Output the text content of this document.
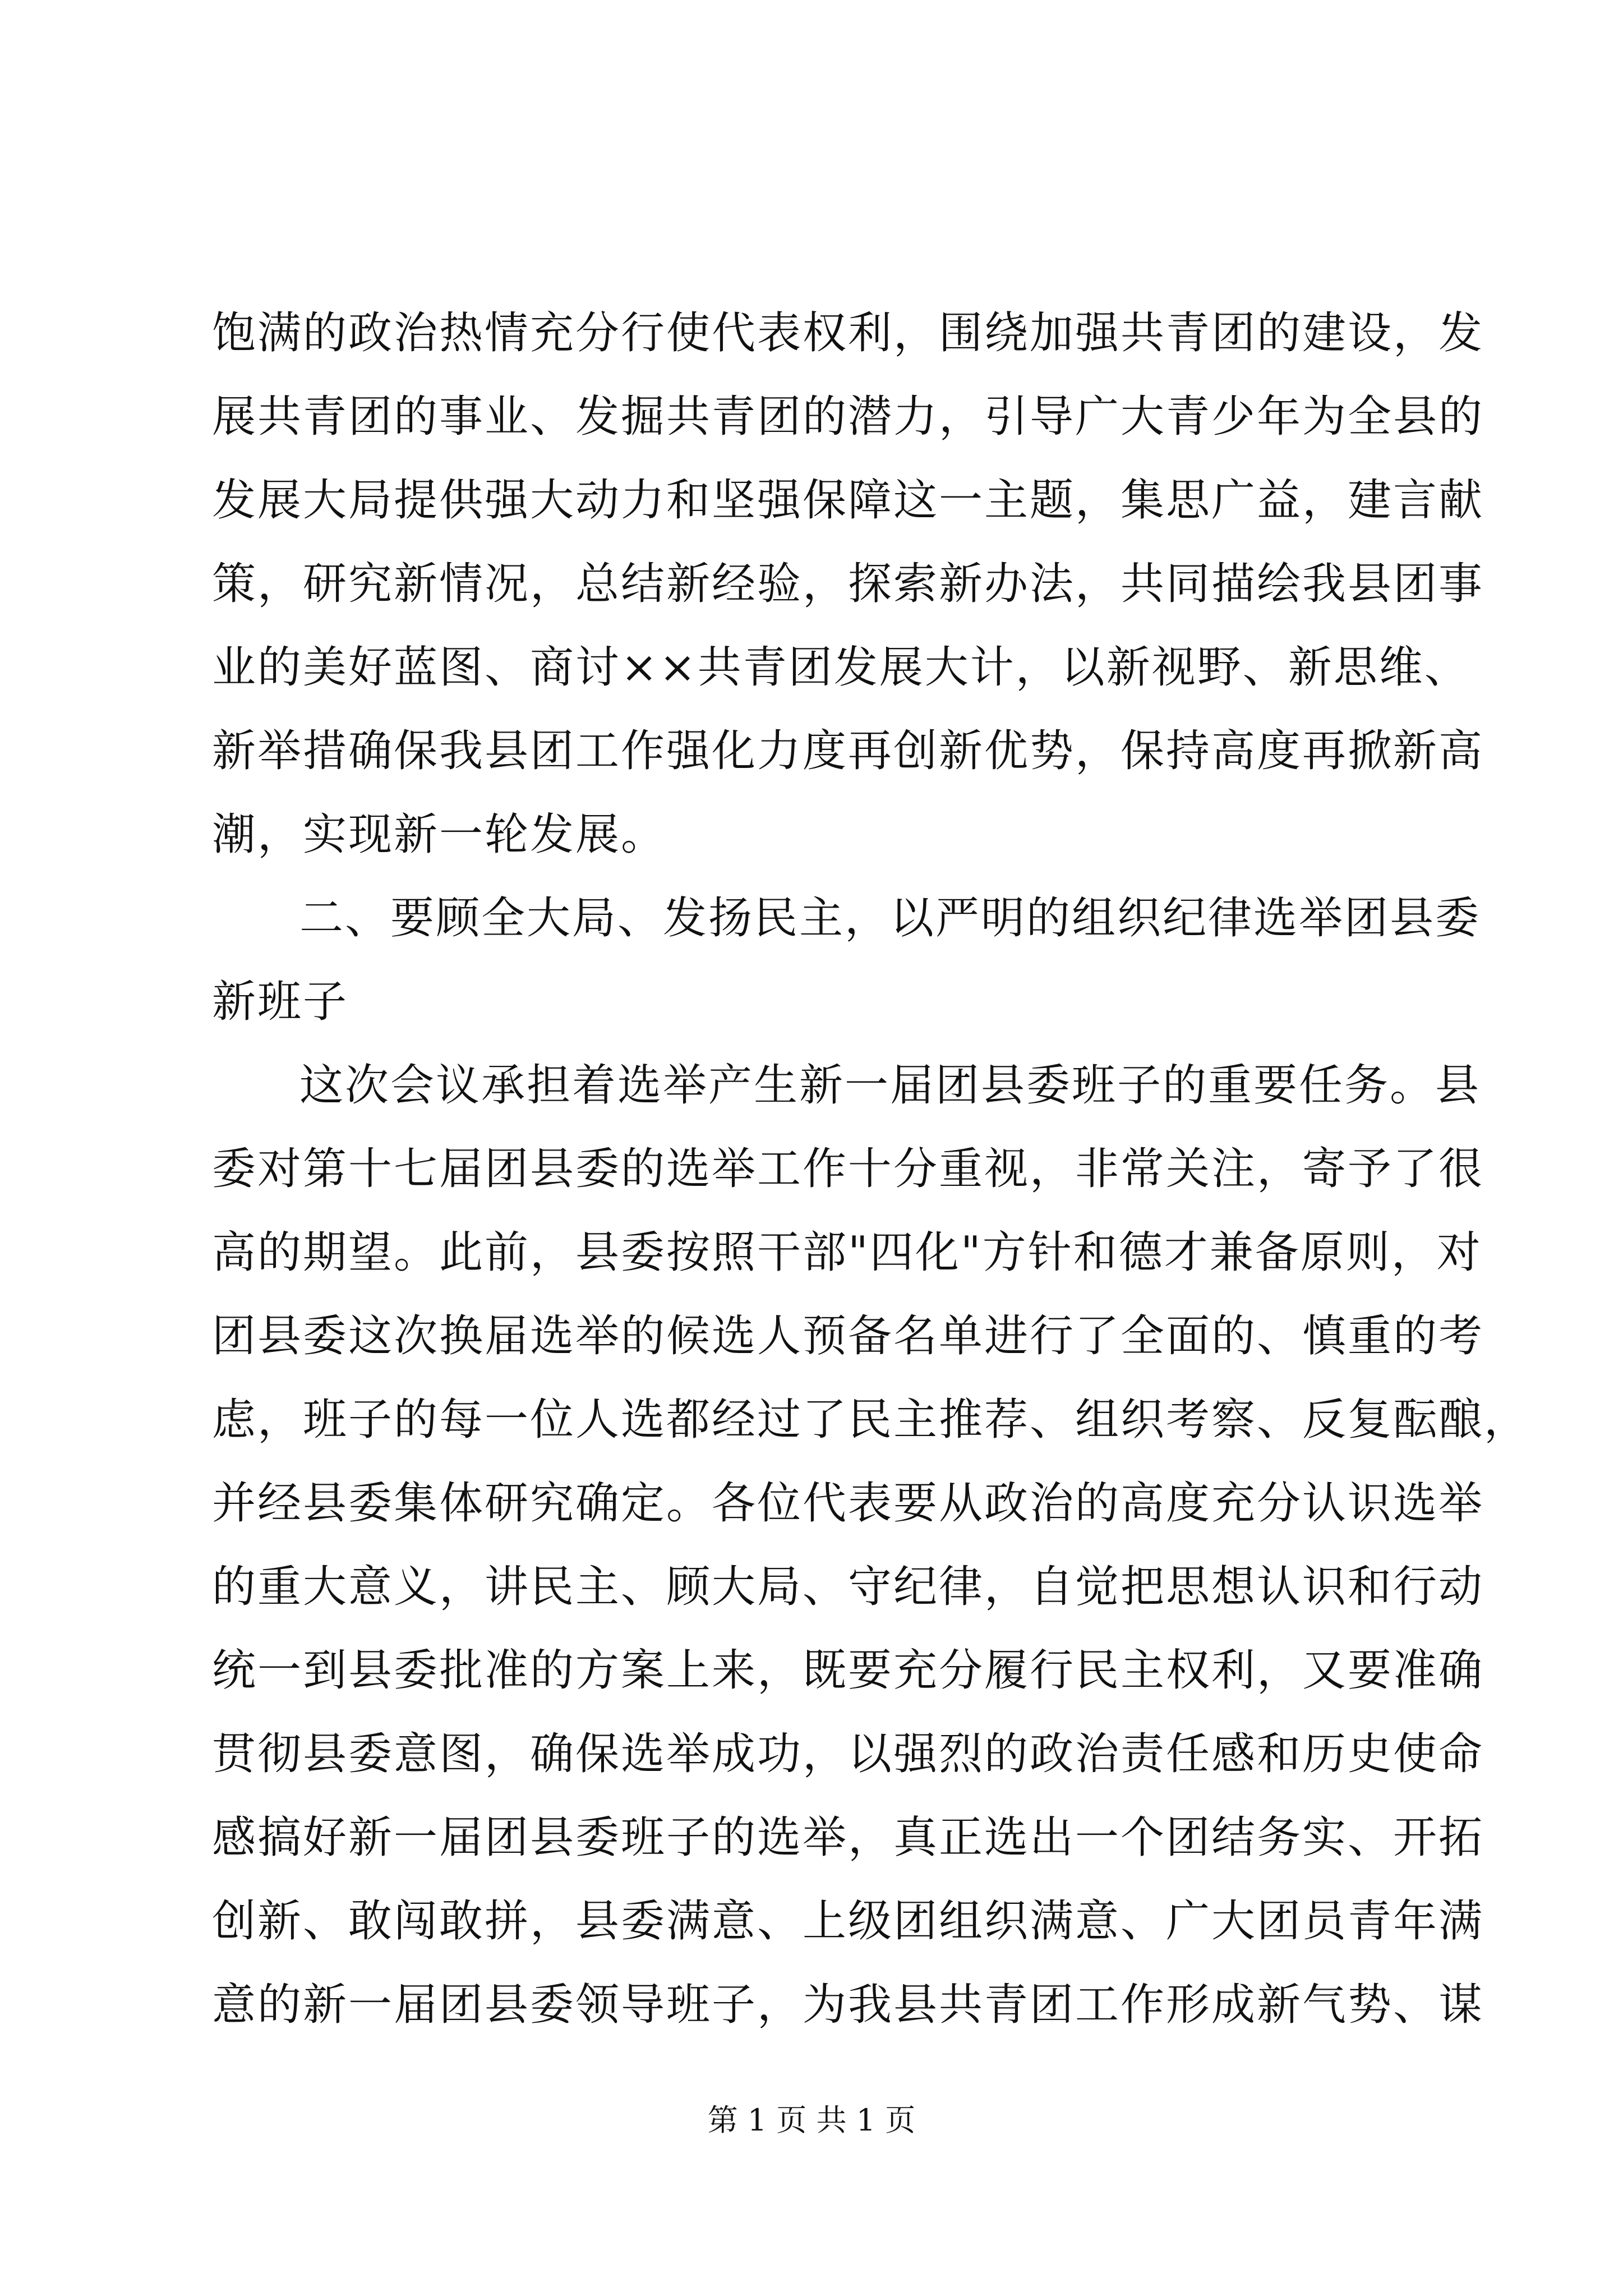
饱满的政治热情充分行使代表权利，围绕加强共青团的建设，发
展共青团的事业、发掘共青团的潜力，引导广大青少年为全县的
发展大局提供强大动力和坚强保障这一主题，集思广益，建言献
策，研究新情况，总结新经验，探索新办法，共同描绘我县团事
业的美好蓝图、商讨××共青团发展大计，以新视野、新思维、
新举措确保我县团工作强化力度再创新优势，保持高度再掀新高
潮，实现新一轮发展。
二、要顾全大局、发扬民主，以严明的组织纪律选举团县委
新班子
这次会议承担着选举产生新一届团县委班子的重要任务。县
委对第十七届团县委的选举工作十分重视，非常关注，寄予了很
高的期望。此前，县委按照干部"四化"方针和德才兼备原则，对
团县委这次换届选举的候选人预备名单进行了全面的、慎重的考
虑，班子的每一位人选都经过了民主推荐、组织考察、反复酝酿，
并经县委集体研究确定。各位代表要从政治的高度充分认识选举
的重大意义，讲民主、顾大局、守纪律，自觉把思想认识和行动
统一到县委批准的方案上来，既要充分履行民主权利，又要准确
贯彻县委意图，确保选举成功，以强烈的政治责任感和历史使命
感搞好新一届团县委班子的选举，真正选出一个团结务实、开拓
创新、敢闯敢拼，县委满意、上级团组织满意、广大团员青年满
意的新一届团县委领导班子，为我县共青团工作形成新气势、谋
第 1 页 共 1 页
